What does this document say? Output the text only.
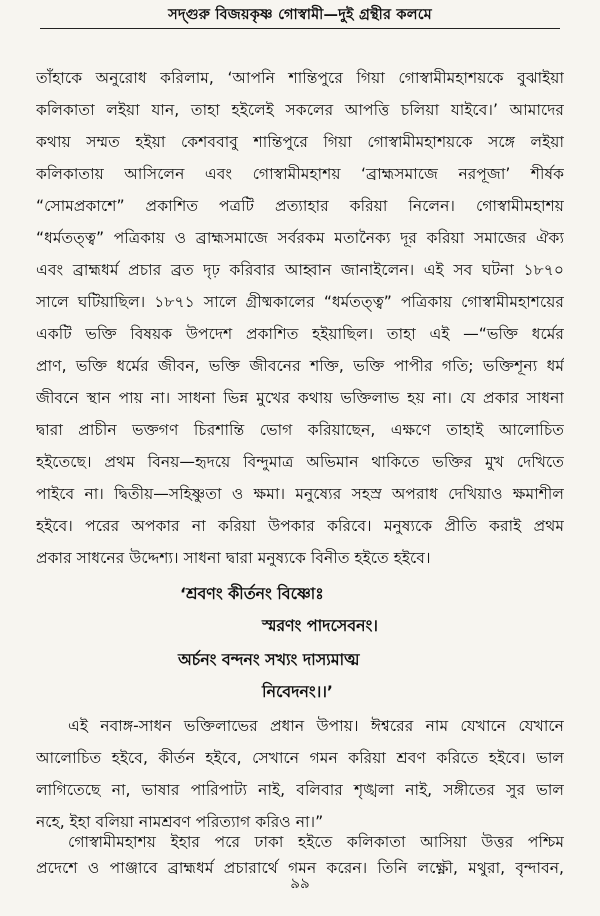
সদ্গুরু বিজয়কৃষ্ণ গোস্বামী—দুই গ্রন্থীর কলমে
তাঁহাকে অনুরোধ করিলাম, ‘আপনি শান্তিপুরে গিয়া গোস্বামীমহাশয়কে বুঝাইয়া
কলিকাতা লইয়া যান, তাহা হইলেই সকলের আপত্তি চলিয়া যাইবে।’ আমাদের
কথায় সম্মত হইয়া কেশববাবু শান্তিপুরে গিয়া গোস্বামীমহাশয়কে সঙ্গে লইয়া
কলিকাতায় আসিলেন এবং গোস্বামীমহাশয় ‘ব্রাহ্মসমাজে নরপূজা’ শীর্ষক
“সোমপ্রকাশে” প্রকাশিত পত্রটি প্রত্যাহার করিয়া নিলেন। গোস্বামীমহাশয়
“ধর্মতত্ত্ব” পত্রিকায় ও ব্রাহ্মসমাজে সর্বরকম মতানৈক্য দূর করিয়া সমাজের ঐক্য
এবং ব্রাহ্মধর্ম প্রচার ব্রত দৃঢ় করিবার আহ্বান জানাইলেন। এই সব ঘটনা ১৮৭০
সালে ঘটিয়াছিল। ১৮৭১ সালে গ্রীষ্মকালের “ধর্মতত্ত্ব” পত্রিকায় গোস্বামীমহাশয়ের
একটি ভক্তি বিষয়ক উপদেশ প্রকাশিত হইয়াছিল। তাহা এই —“ভক্তি ধর্মের
প্রাণ, ভক্তি ধর্মের জীবন, ভক্তি জীবনের শক্তি, ভক্তি পাপীর গতি; ভক্তিশূন্য ধর্ম
জীবনে স্থান পায় না। সাধনা ভিন্ন মুখের কথায় ভক্তিলাভ হয় না। যে প্রকার সাধনা
দ্বারা প্রাচীন ভক্তগণ চিরশান্তি ভোগ করিয়াছেন, এক্ষণে তাহাই আলোচিত
হইতেছে। প্রথম বিনয়—হৃদয়ে বিন্দুমাত্র অভিমান থাকিতে ভক্তির মুখ দেখিতে
পাইবে না। দ্বিতীয়—সহিষ্ণুতা ও ক্ষমা। মনুষ্যের সহস্র অপরাধ দেখিয়াও ক্ষমাশীল
হইবে। পরের অপকার না করিয়া উপকার করিবে। মনুষ্যকে প্রীতি করাই প্রথম
প্রকার সাধনের উদ্দেশ্য। সাধনা দ্বারা মনুষ্যকে বিনীত হইতে হইবে।
‘শ্রবণং কীর্তনং বিষ্ণোঃ
স্মরণং পাদসেবনং।
অর্চনং বন্দনং সখ্যং দাস্যমাত্ম
নিবেদনং।।’
এই নবাঙ্গ-সাধন ভক্তিলাভের প্রধান উপায়। ঈশ্বরের নাম যেখানে যেখানে
আলোচিত হইবে, কীর্তন হইবে, সেখানে গমন করিয়া শ্রবণ করিতে হইবে। ভাল
লাগিতেছে না, ভাষার পারিপাট্য নাই, বলিবার শৃঙ্খলা নাই, সঙ্গীতের সুর ভাল
নহে, ইহা বলিয়া নামশ্রবণ পরিত্যাগ করিও না।”
গোস্বামীমহাশয় ইহার পরে ঢাকা হইতে কলিকাতা আসিয়া উত্তর পশ্চিম
প্রদেশে ও পাঞ্জাবে ব্রাহ্মধর্ম প্রচারার্থে গমন করেন। তিনি লক্ষ্ণৌ, মথুরা, বৃন্দাবন,
৯৯
